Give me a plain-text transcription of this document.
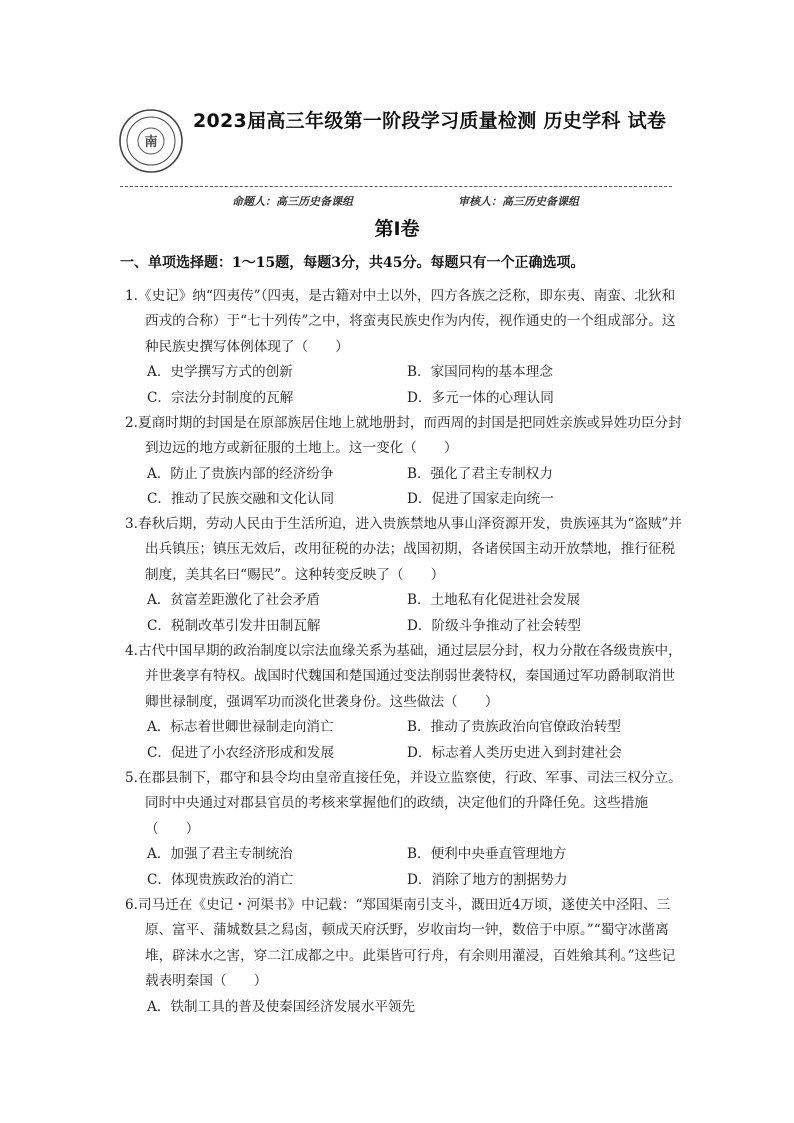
南
2023届高三年级第一阶段学习质量检测 历史学科 试卷
命题人：高三历史备课组	审核人：高三历史备课组
第Ⅰ卷
一、单项选择题：1～15题，每题3分，共45分。每题只有一个正确选项。
1.《史记》纳“四夷传”（四夷，是古籍对中土以外，四方各族之泛称，即东夷、南蛮、北狄和西戎的合称）于“七十列传”之中，将蛮夷民族史作为内传，视作通史的一个组成部分。这种民族史撰写体例体现了（　　）
A．史学撰写方式的创新	B．家国同构的基本理念
C．宗法分封制度的瓦解	D．多元一体的心理认同
2.夏商时期的封国是在原部族居住地上就地册封，而西周的封国是把同姓亲族或异姓功臣分封到边远的地方或新征服的土地上。这一变化（　　）
A．防止了贵族内部的经济纷争	B．强化了君主专制权力
C．推动了民族交融和文化认同	D．促进了国家走向统一
3.春秋后期，劳动人民由于生活所迫，进入贵族禁地从事山泽资源开发，贵族诬其为“盗贼”并出兵镇压；镇压无效后，改用征税的办法；战国初期，各诸侯国主动开放禁地，推行征税制度，美其名曰“赐民”。这种转变反映了（　　）
A．贫富差距激化了社会矛盾	B．土地私有化促进社会发展
C．税制改革引发井田制瓦解	D．阶级斗争推动了社会转型
4.古代中国早期的政治制度以宗法血缘关系为基础，通过层层分封，权力分散在各级贵族中，并世袭享有特权。战国时代魏国和楚国通过变法削弱世袭特权，秦国通过军功爵制取消世卿世禄制度，强调军功而淡化世袭身份。这些做法（　　）
A．标志着世卿世禄制走向消亡	B．推动了贵族政治向官僚政治转型
C．促进了小农经济形成和发展	D．标志着人类历史进入到封建社会
5.在郡县制下，郡守和县令均由皇帝直接任免，并设立监察使，行政、军事、司法三权分立。同时中央通过对郡县官员的考核来掌握他们的政绩，决定他们的升降任免。这些措施（　　）
A．加强了君主专制统治	B．便利中央垂直管理地方
C．体现贵族政治的消亡	D．消除了地方的割据势力
6.司马迁在《史记・河渠书》中记载：“郑国渠南引支斗，溉田近4万顷，遂使关中泾阳、三原、富平、蒲城数县之舄卤，顿成天府沃野，岁收亩均一钟，数倍于中原。”“蜀守冰凿离堆，辟沫水之害，穿二江成都之中。此渠皆可行舟，有余则用灌浸，百姓飨其利。”这些记载表明秦国（　　）
A．铁制工具的普及使秦国经济发展水平领先
